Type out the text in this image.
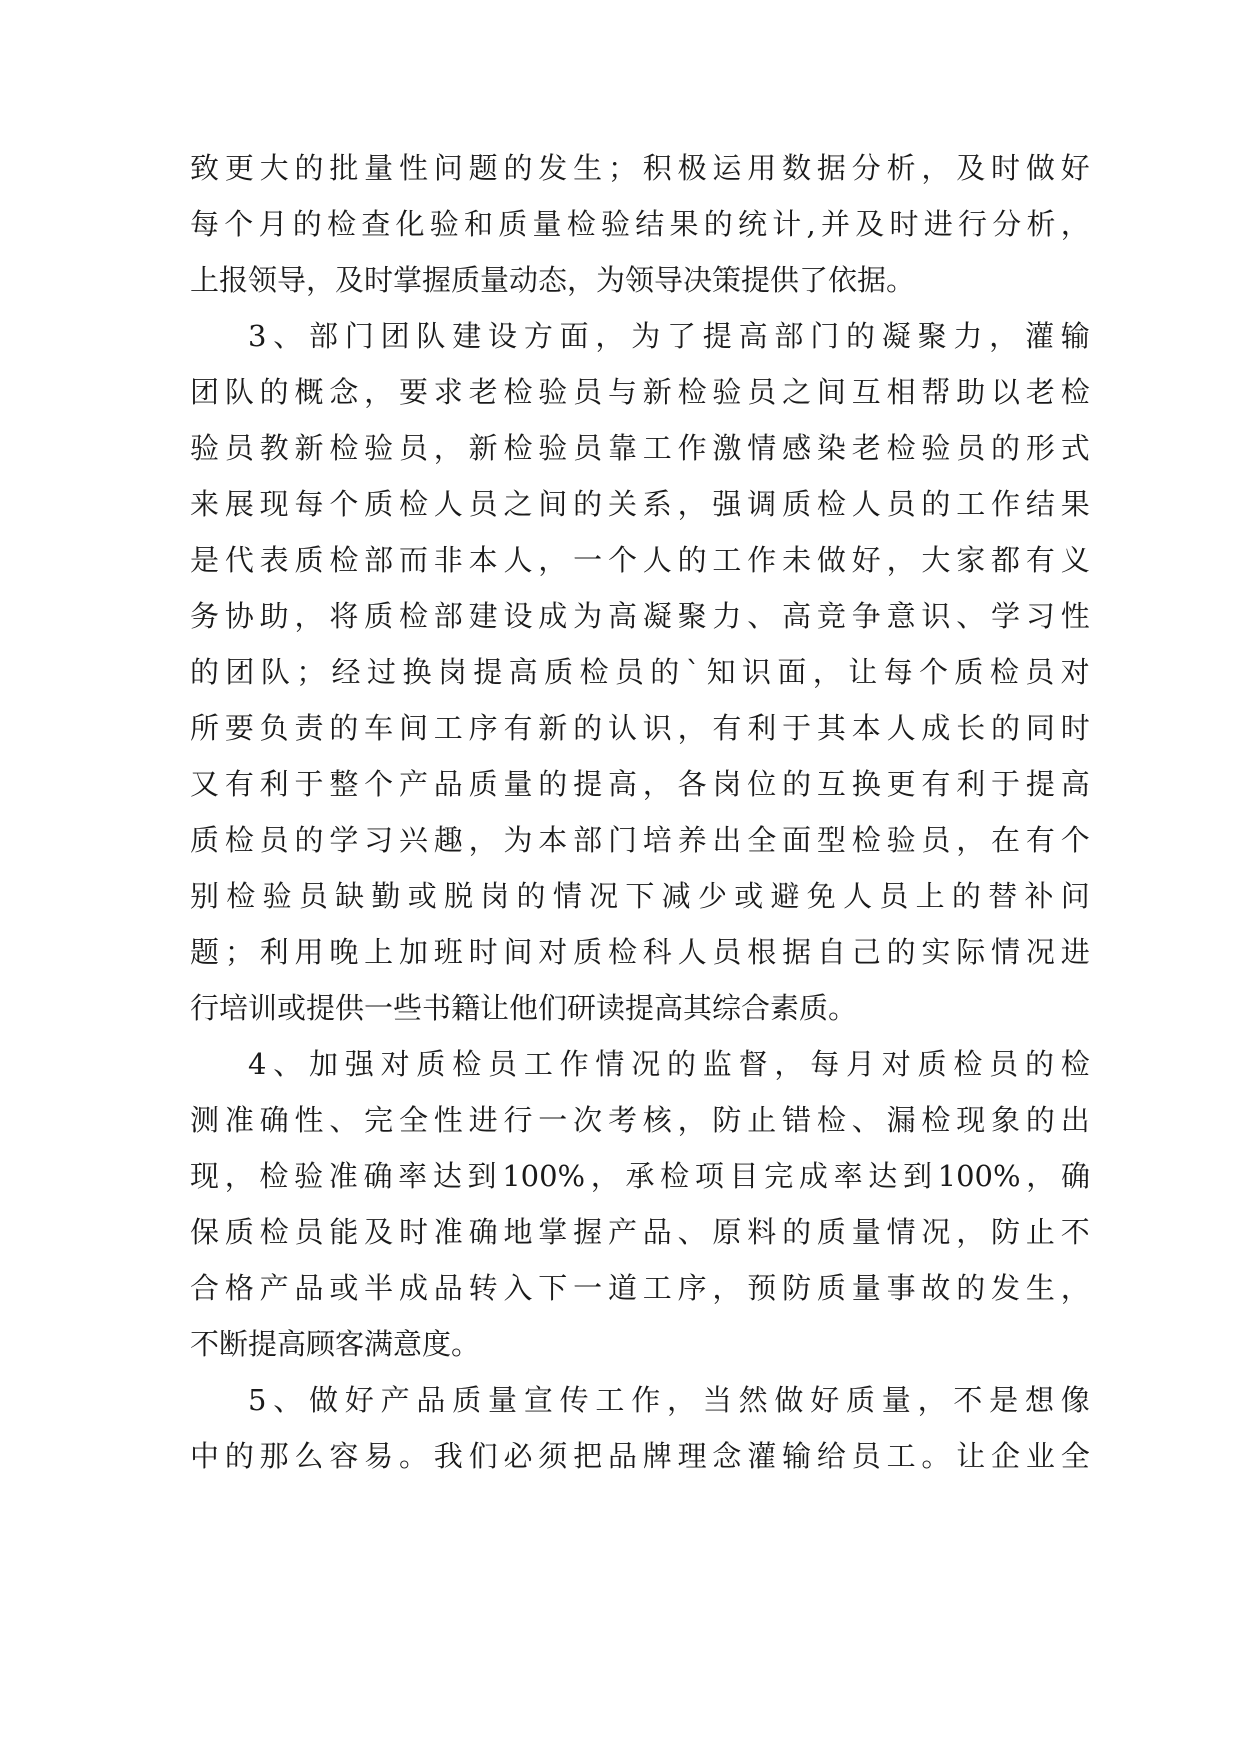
致 更 大 的 批 量 性 问 题 的 发 生 ； 积 极 运 用 数 据 分 析 ， 及 时 做 好
每 个 月 的 检 查 化 验 和 质 量 检 验 结 果 的 统 计 , 并 及 时 进 行 分 析 ，
上报领导，及时掌握质量动态，为领导决策提供了依据。
3 、 部 门 团 队 建 设 方 面 ， 为 了 提 高 部 门 的 凝 聚 力 ， 灌 输
团 队 的 概 念 ， 要 求 老 检 验 员 与 新 检 验 员 之 间 互 相 帮 助 以 老 检
验 员 教 新 检 验 员 ， 新 检 验 员 靠 工 作 激 情 感 染 老 检 验 员 的 形 式
来 展 现 每 个 质 检 人 员 之 间 的 关 系 ， 强 调 质 检 人 员 的 工 作 结 果
是 代 表 质 检 部 而 非 本 人 ， 一 个 人 的 工 作 未 做 好 ， 大 家 都 有 义
务 协 助 ， 将 质 检 部 建 设 成 为 高 凝 聚 力 、 高 竞 争 意 识 、 学 习 性
的 团 队 ； 经 过 换 岗 提 高 质 检 员 的 ` 知 识 面 ， 让 每 个 质 检 员 对
所 要 负 责 的 车 间 工 序 有 新 的 认 识 ， 有 利 于 其 本 人 成 长 的 同 时
又 有 利 于 整 个 产 品 质 量 的 提 高 ， 各 岗 位 的 互 换 更 有 利 于 提 高
质 检 员 的 学 习 兴 趣 ， 为 本 部 门 培 养 出 全 面 型 检 验 员 ， 在 有 个
别 检 验 员 缺 勤 或 脱 岗 的 情 况 下 减 少 或 避 免 人 员 上 的 替 补 问
题 ； 利 用 晚 上 加 班 时 间 对 质 检 科 人 员 根 据 自 己 的 实 际 情 况 进
行培训或提供一些书籍让他们研读提高其综合素质。
4 、 加 强 对 质 检 员 工 作 情 况 的 监 督 ， 每 月 对 质 检 员 的 检
测 准 确 性 、 完 全 性 进 行 一 次 考 核 ， 防 止 错 检 、 漏 检 现 象 的 出
现 ， 检 验 准 确 率 达 到 100% ， 承 检 项 目 完 成 率 达 到 100% ， 确
保 质 检 员 能 及 时 准 确 地 掌 握 产 品 、 原 料 的 质 量 情 况 ， 防 止 不
合 格 产 品 或 半 成 品 转 入 下 一 道 工 序 ， 预 防 质 量 事 故 的 发 生 ，
不断提高顾客满意度。
5 、 做 好 产 品 质 量 宣 传 工 作 ， 当 然 做 好 质 量 ， 不 是 想 像
中 的 那 么 容 易 。 我 们 必 须 把 品 牌 理 念 灌 输 给 员 工 。 让 企 业 全
